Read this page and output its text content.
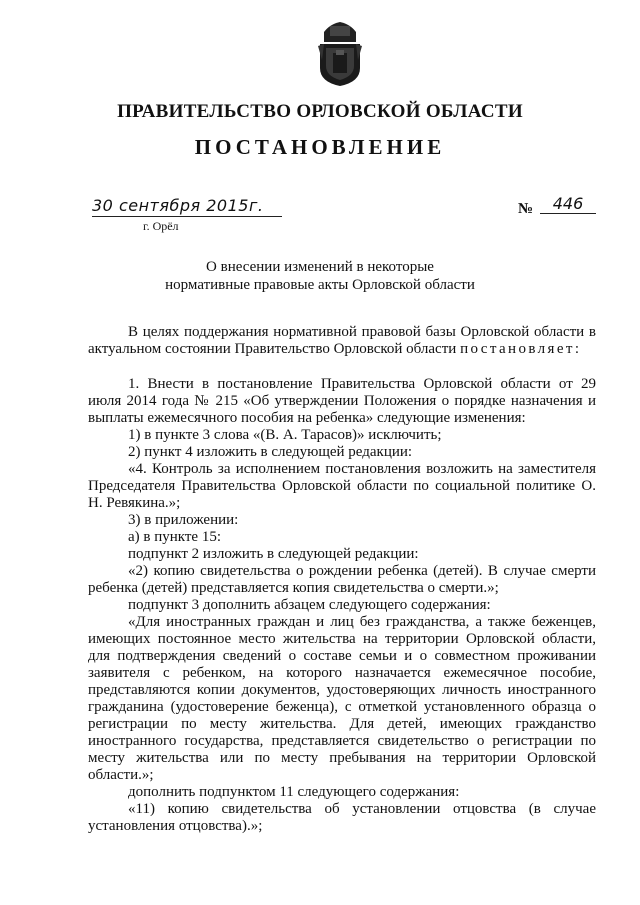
ПРАВИТЕЛЬСТВО ОРЛОВСКОЙ ОБЛАСТИ
ПОСТАНОВЛЕНИЕ
30 сентября 2015г.	№	446
г. Орёл
О внесении изменений в некоторые
нормативные правовые акты Орловской области

В целях поддержания нормативной правовой базы Орловской области в актуальном состоянии Правительство Орловской области постановляет:

1. Внести в постановление Правительства Орловской области от 29 июля 2014 года № 215 «Об утверждении Положения о порядке назначения и выплаты ежемесячного пособия на ребенка» следующие изменения:

1) в пункте 3 слова «(В. А. Тарасов)» исключить;

2) пункт 4 изложить в следующей редакции:

«4. Контроль за исполнением постановления возложить на заместителя Председателя Правительства Орловской области по социальной политике О. Н. Ревякина.»;

3) в приложении:

а) в пункте 15:

подпункт 2 изложить в следующей редакции:

«2) копию свидетельства о рождении ребенка (детей). В случае смерти ребенка (детей) представляется копия свидетельства о смерти.»;

подпункт 3 дополнить абзацем следующего содержания:

«Для иностранных граждан и лиц без гражданства, а также беженцев, имеющих постоянное место жительства на территории Орловской области, для подтверждения сведений о составе семьи и о совместном проживании заявителя с ребенком, на которого назначается ежемесячное пособие, представляются копии документов, удостоверяющих личность иностранного гражданина (удостоверение беженца), с отметкой установленного образца о регистрации по месту жительства. Для детей, имеющих гражданство иностранного государства, представляется свидетельство о регистрации по месту жительства или по месту пребывания на территории Орловской области.»;

дополнить подпунктом 11 следующего содержания:

«11) копию свидетельства об установлении отцовства (в случае установления отцовства).»;
